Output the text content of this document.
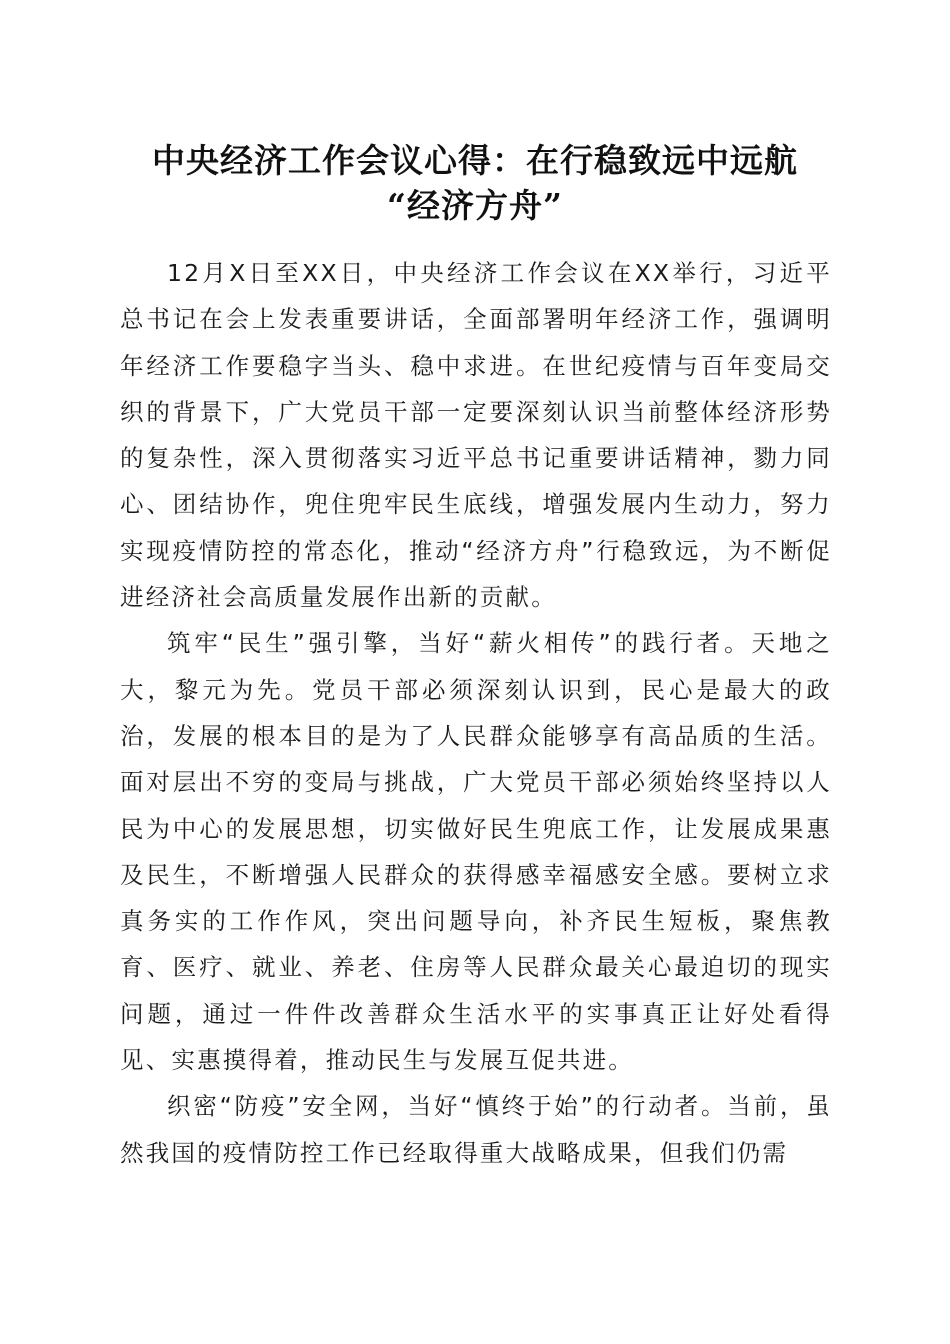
中央经济工作会议心得：在行稳致远中远航
“经济方舟”

12月X日至XX日，中央经济工作会议在XX举行，习近平总书记在会上发表重要讲话，全面部署明年经济工作，强调明年经济工作要稳字当头、稳中求进。在世纪疫情与百年变局交织的背景下，广大党员干部一定要深刻认识当前整体经济形势的复杂性，深入贯彻落实习近平总书记重要讲话精神，勠力同心、团结协作，兜住兜牢民生底线，增强发展内生动力，努力实现疫情防控的常态化，推动“经济方舟”行稳致远，为不断促进经济社会高质量发展作出新的贡献。

筑牢“民生”强引擎，当好“薪火相传”的践行者。天地之大，黎元为先。党员干部必须深刻认识到，民心是最大的政治，发展的根本目的是为了人民群众能够享有高品质的生活。面对层出不穷的变局与挑战，广大党员干部必须始终坚持以人民为中心的发展思想，切实做好民生兜底工作，让发展成果惠及民生，不断增强人民群众的获得感幸福感安全感。要树立求真务实的工作作风，突出问题导向，补齐民生短板，聚焦教育、医疗、就业、养老、住房等人民群众最关心最迫切的现实问题，通过一件件改善群众生活水平的实事真正让好处看得见、实惠摸得着，推动民生与发展互促共进。

织密“防疫”安全网，当好“慎终于始”的行动者。当前，虽然我国的疫情防控工作已经取得重大战略成果，但我们仍需
